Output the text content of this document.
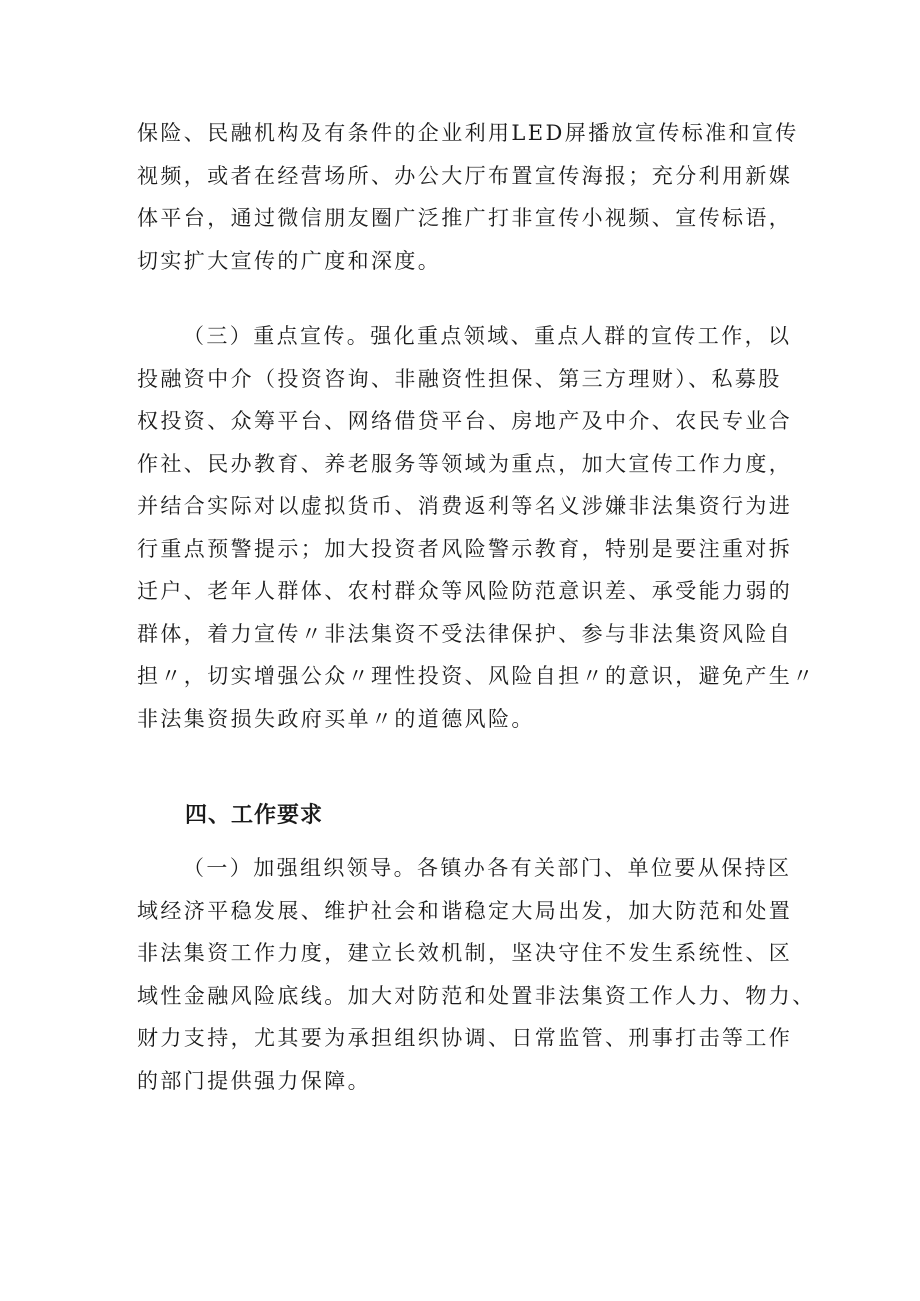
保险、民融机构及有条件的企业利用LED屏播放宣传标准和宣传
视频，或者在经营场所、办公大厅布置宣传海报；充分利用新媒
体平台，通过微信朋友圈广泛推广打非宣传小视频、宣传标语，
切实扩大宣传的广度和深度。
（三）重点宣传。强化重点领域、重点人群的宣传工作，以
投融资中介（投资咨询、非融资性担保、第三方理财）、私募股
权投资、众筹平台、网络借贷平台、房地产及中介、农民专业合
作社、民办教育、养老服务等领域为重点，加大宣传工作力度，
并结合实际对以虚拟货币、消费返利等名义涉嫌非法集资行为进
行重点预警提示；加大投资者风险警示教育，特别是要注重对拆
迁户、老年人群体、农村群众等风险防范意识差、承受能力弱的
群体，着力宣传〃非法集资不受法律保护、参与非法集资风险自
担〃，切实增强公众〃理性投资、风险自担〃的意识，避免产生〃
非法集资损失政府买单〃的道德风险。
四、工作要求
（一）加强组织领导。各镇办各有关部门、单位要从保持区
域经济平稳发展、维护社会和谐稳定大局出发，加大防范和处置
非法集资工作力度，建立长效机制，坚决守住不发生系统性、区
域性金融风险底线。加大对防范和处置非法集资工作人力、物力、
财力支持，尤其要为承担组织协调、日常监管、刑事打击等工作
的部门提供强力保障。
